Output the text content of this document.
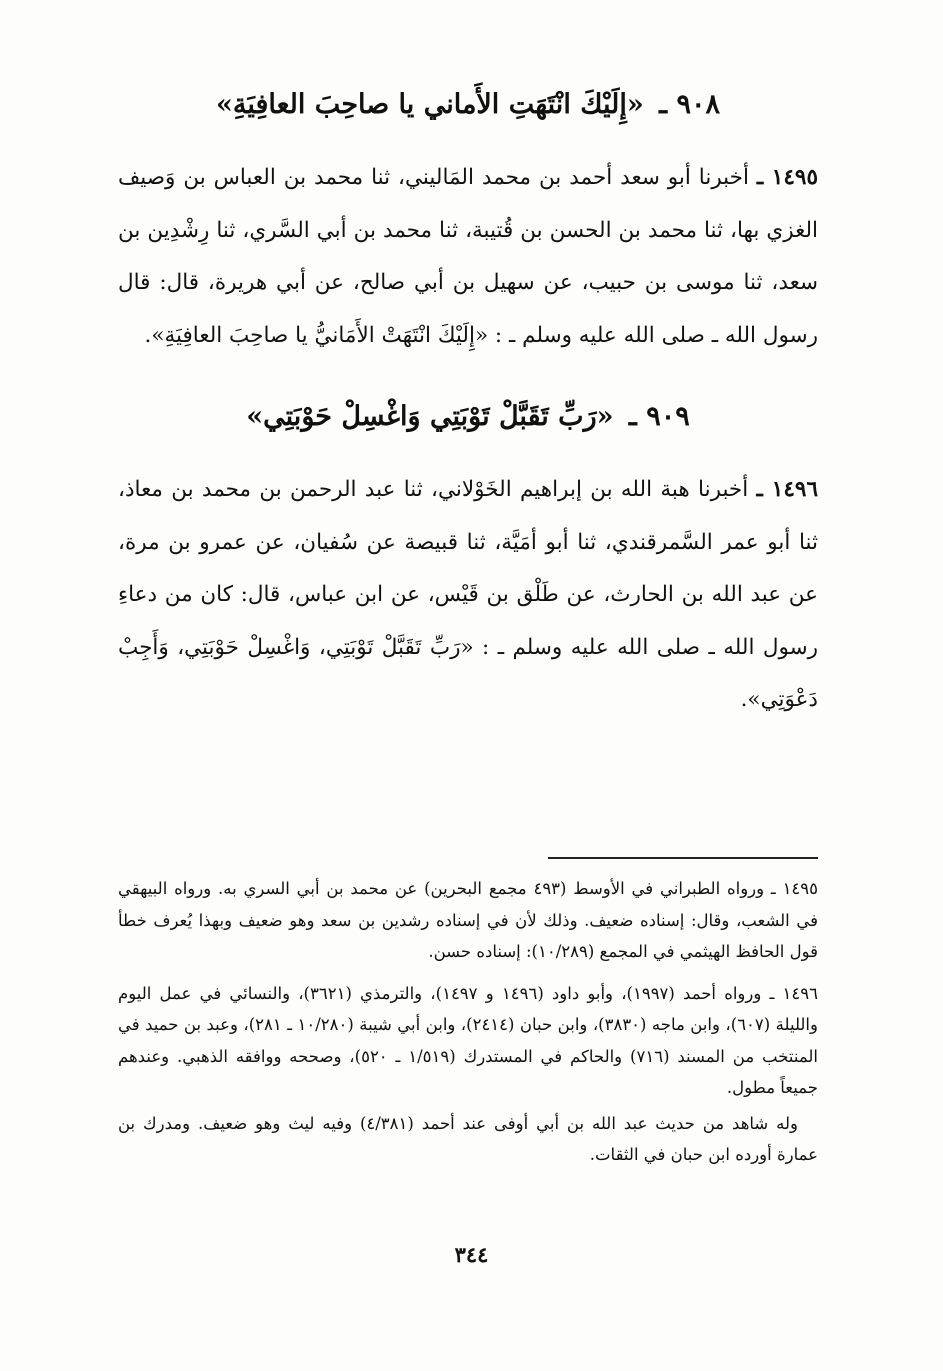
٩٠٨ ـ «إِلَيْكَ انْتَهَتِ الأَماني يا صاحِبَ العافِيَةِ»

١٤٩٥ ـ أخبرنا أبو سعد أحمد بن محمد المَاليني، ثنا محمد بن العباس بن وَصيف الغزي بها، ثنا محمد بن الحسن بن قُتيبة، ثنا محمد بن أبي السَّري، ثنا رِشْدِين بن سعد، ثنا موسى بن حبيب، عن سهيل بن أبي صالح، عن أبي هريرة، قال: قال رسول الله ـ صلى الله عليه وسلم ـ : «إِلَيْكَ انْتَهَتْ الأَمَانيُّ يا صاحِبَ العافِيَةِ».

٩٠٩ ـ «رَبِّ تَقَبَّلْ تَوْبَتِي وَاغْسِلْ حَوْبَتِي»

١٤٩٦ ـ أخبرنا هبة الله بن إبراهيم الخَوْلاني، ثنا عبد الرحمن بن محمد بن معاذ، ثنا أبو عمر السَّمرقندي، ثنا أبو أمَيَّة، ثنا قبيصة عن سُفيان، عن عمرو بن مرة، عن عبد الله بن الحارث، عن طَلْق بن قَيْس، عن ابن عباس، قال: كان من دعاءِ رسول الله ـ صلى الله عليه وسلم ـ : «رَبِّ تَقَبَّلْ تَوْبَتِي، وَاغْسِلْ حَوْبَتِي، وَأَجِبْ دَعْوَتِي».

١٤٩٥ ـ ورواه الطبراني في الأوسط (٤٩٣ مجمع البحرين) عن محمد بن أبي السري به. ورواه البيهقي في الشعب، وقال: إسناده ضعيف. وذلك لأن في إسناده رشدين بن سعد وهو ضعيف وبهذا يُعرف خطأ قول الحافظ الهيثمي في المجمع (١٠/٢٨٩): إسناده حسن.

١٤٩٦ ـ ورواه أحمد (١٩٩٧)، وأبو داود (١٤٩٦ و ١٤٩٧)، والترمذي (٣٦٢١)، والنسائي في عمل اليوم والليلة (٦٠٧)، وابن ماجه (٣٨٣٠)، وابن حبان (٢٤١٤)، وابن أبي شيبة (١٠/٢٨٠ ـ ٢٨١)، وعبد بن حميد في المنتخب من المسند (٧١٦) والحاكم في المستدرك (١/٥١٩ ـ ٥٢٠)، وصححه ووافقه الذهبي. وعندهم جميعاً مطول.

وله شاهد من حديث عبد الله بن أبي أوفى عند أحمد (٤/٣٨١) وفيه ليث وهو ضعيف. ومدرك بن عمارة أورده ابن حبان في الثقات.

٣٤٤
